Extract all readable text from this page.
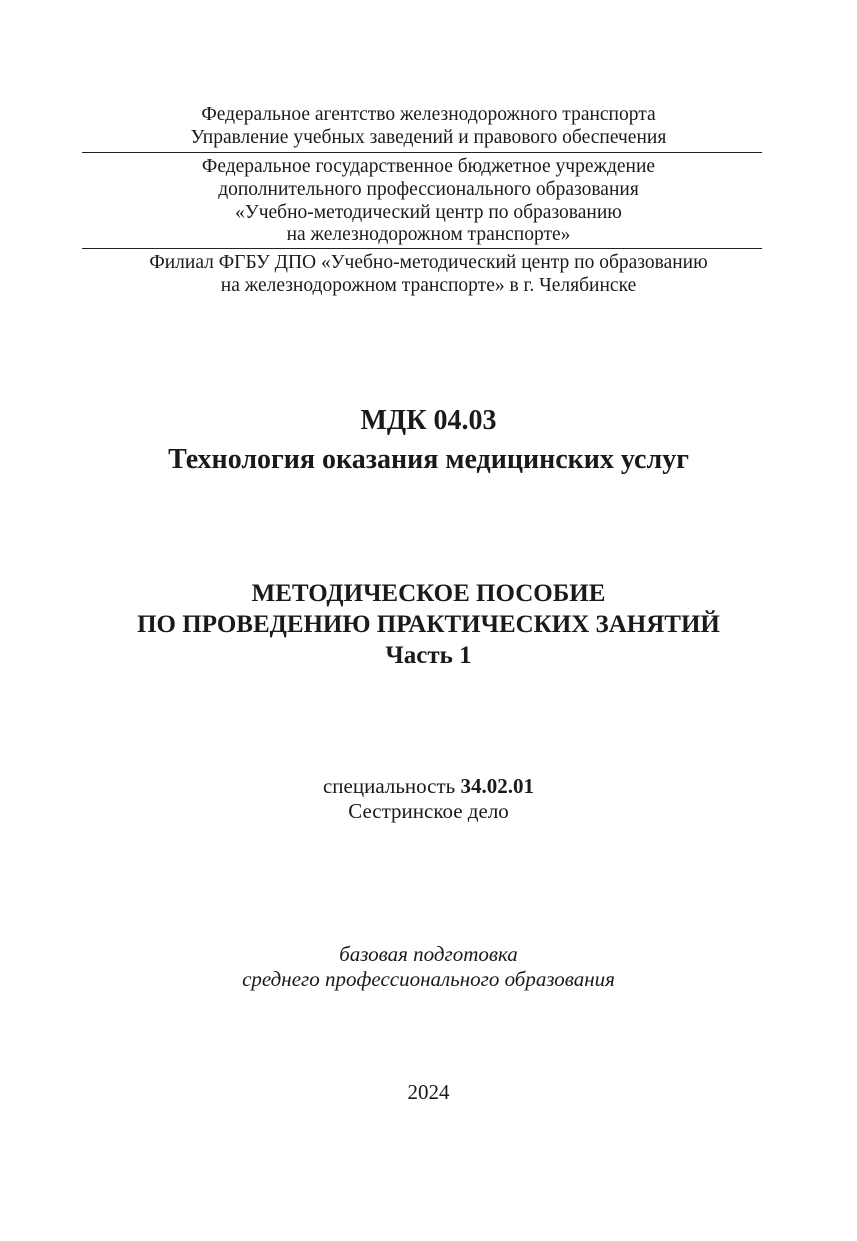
Федеральное агентство железнодорожного транспорта
Управление учебных заведений и правового обеспечения
Федеральное государственное бюджетное учреждение
дополнительного профессионального образования
«Учебно-методический центр по образованию
на железнодорожном транспорте»
Филиал ФГБУ ДПО «Учебно-методический центр по образованию
на железнодорожном транспорте» в г. Челябинске
МДК 04.03
Технология оказания медицинских услуг
МЕТОДИЧЕСКОЕ ПОСОБИЕ
ПО ПРОВЕДЕНИЮ ПРАКТИЧЕСКИХ ЗАНЯТИЙ
Часть 1
специальность 34.02.01
Сестринское дело
базовая подготовка
среднего профессионального образования
2024
